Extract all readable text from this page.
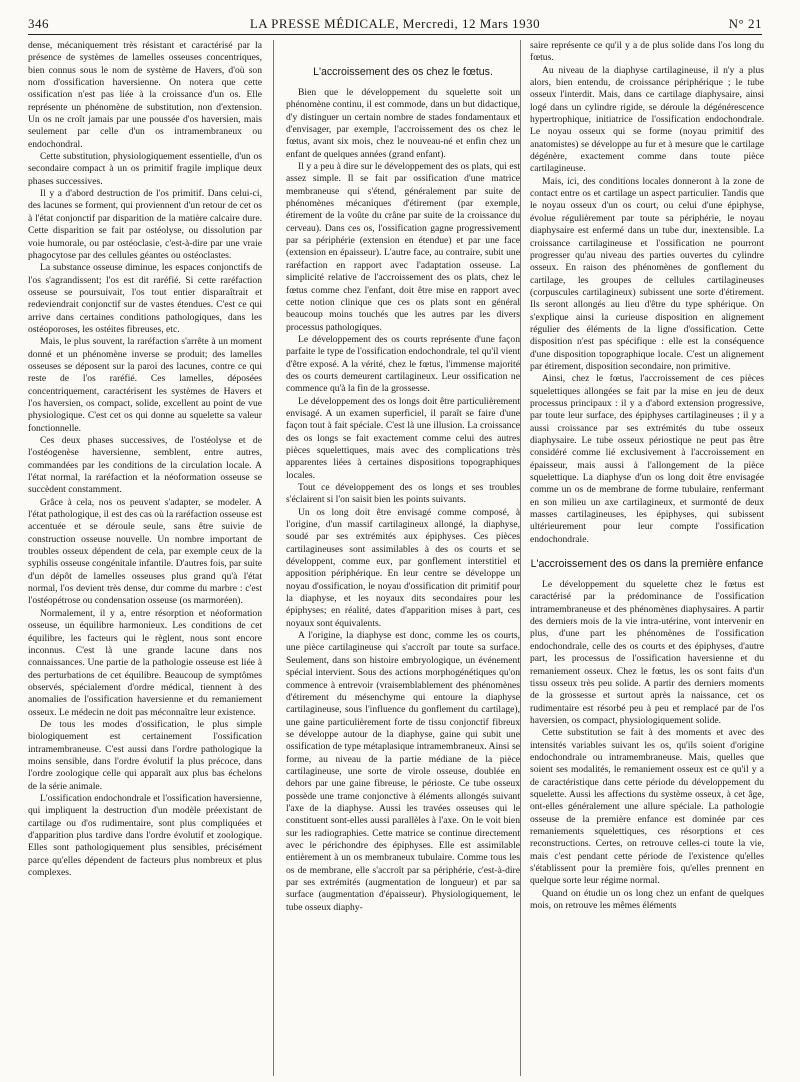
346	LA PRESSE MÉDICALE, Mercredi, 12 Mars 1930	N° 21

dense, mécaniquement très résistant et caractérisé par la présence de systèmes de lamelles osseuses concentriques, bien connus sous le nom de système de Havers, d'où son nom d'ossification haversienne. On notera que cette ossification n'est pas liée à la croissance d'un os. Elle représente un phénomène de substitution, non d'extension. Un os ne croît jamais par une poussée d'os haversien, mais seulement par celle d'un os intramembraneux ou endochondral.

Cette substitution, physiologiquement essentielle, d'un os secondaire compact à un os primitif fragile implique deux phases successives.

Il y a d'abord destruction de l'os primitif. Dans celui-ci, des lacunes se forment, qui proviennent d'un retour de cet os à l'état conjonctif par disparition de la matière calcaire dure. Cette disparition se fait par ostéolyse, ou dissolution par voie humorale, ou par ostéoclasie, c'est-à-dire par une vraie phagocytose par des cellules géantes ou ostéoclastes.

La substance osseuse diminue, les espaces conjonctifs de l'os s'agrandissent; l'os est dit raréfié. Si cette raréfaction osseuse se poursuivait, l'os tout entier disparaîtrait et redeviendrait conjonctif sur de vastes étendues. C'est ce qui arrive dans certaines conditions pathologiques, dans les ostéoporoses, les ostéites fibreuses, etc.

Mais, le plus souvent, la raréfaction s'arrête à un moment donné et un phénomène inverse se produit; des lamelles osseuses se déposent sur la paroi des lacunes, contre ce qui reste de l'os raréfié. Ces lamelles, déposées concentriquement, caractérisent les systèmes de Havers et l'os haversien, os compact, solide, excellent au point de vue physiologique. C'est cet os qui donne au squelette sa valeur fonctionnelle.

Ces deux phases successives, de l'ostéolyse et de l'ostéogenèse haversienne, semblent, entre autres, commandées par les conditions de la circulation locale. A l'état normal, la raréfaction et la néoformation osseuse se succèdent constamment.

Grâce à cela, nos os peuvent s'adapter, se modeler. A l'état pathologique, il est des cas où la raréfaction osseuse est accentuée et se déroule seule, sans être suivie de construction osseuse nouvelle. Un nombre important de troubles osseux dépendent de cela, par exemple ceux de la syphilis osseuse congénitale infantile. D'autres fois, par suite d'un dépôt de lamelles osseuses plus grand qu'à l'état normal, l'os devient très dense, dur comme du marbre : c'est l'ostéopétrose ou condensation osseuse (os marmoréen).

Normalement, il y a, entre résorption et néoformation osseuse, un équilibre harmonieux. Les conditions de cet équilibre, les facteurs qui le règlent, nous sont encore inconnus. C'est là une grande lacune dans nos connaissances. Une partie de la pathologie osseuse est liée à des perturbations de cet équilibre. Beaucoup de symptômes observés, spécialement d'ordre médical, tiennent à des anomalies de l'ossification haversienne et du remaniement osseux. Le médecin ne doit pas méconnaître leur existence.

De tous les modes d'ossification, le plus simple biologiquement est certainement l'ossification intramembraneuse. C'est aussi dans l'ordre pathologique la moins sensible, dans l'ordre évolutif la plus précoce, dans l'ordre zoologique celle qui apparaît aux plus bas échelons de la série animale.

L'ossification endochondrale et l'ossification haversienne, qui impliquent la destruction d'un modèle préexistant de cartilage ou d'os rudimentaire, sont plus compliquées et d'apparition plus tardive dans l'ordre évolutif et zoologique. Elles sont pathologiquement plus sensibles, précisément parce qu'elles dépendent de facteurs plus nombreux et plus complexes.

L'accroissement des os chez le fœtus.

Bien que le développement du squelette soit un phénomène continu, il est commode, dans un but didactique, d'y distinguer un certain nombre de stades fondamentaux et d'envisager, par exemple, l'accroissement des os chez le fœtus, avant six mois, chez le nouveau-né et enfin chez un enfant de quelques années (grand enfant).

Il y a peu à dire sur le développement des os plats, qui est assez simple. Il se fait par ossification d'une matrice membraneuse qui s'étend, généralement par suite de phénomènes mécaniques d'étirement (par exemple, étirement de la voûte du crâne par suite de la croissance du cerveau). Dans ces os, l'ossification gagne progressivement par sa périphérie (extension en étendue) et par une face (extension en épaisseur). L'autre face, au contraire, subit une raréfaction en rapport avec l'adaptation osseuse. La simplicité relative de l'accroissement des os plats, chez le fœtus comme chez l'enfant, doit être mise en rapport avec cette notion clinique que ces os plats sont en général beaucoup moins touchés que les autres par les divers processus pathologiques.

Le développement des os courts représente d'une façon parfaite le type de l'ossification endochondrale, tel qu'il vient d'être exposé. A la vérité, chez le fœtus, l'immense majorité des os courts demeurent cartilagineux. Leur ossification ne commence qu'à la fin de la grossesse.

Le développement des os longs doit être particulièrement envisagé. A un examen superficiel, il paraît se faire d'une façon tout à fait spéciale. C'est là une illusion. La croissance des os longs se fait exactement comme celui des autres pièces squelettiques, mais avec des complications très apparentes liées à certaines dispositions topographiques locales.

Tout ce développement des os longs et ses troubles s'éclairent si l'on saisit bien les points suivants.

Un os long doit être envisagé comme composé, à l'origine, d'un massif cartilagineux allongé, la diaphyse, soudé par ses extrémités aux épiphyses. Ces pièces cartilagineuses sont assimilables à des os courts et se développent, comme eux, par gonflement interstitiel et apposition périphérique. En leur centre se développe un noyau d'ossification, le noyau d'ossification dit primitif pour la diaphyse, et les noyaux dits secondaires pour les épiphyses; en réalité, dates d'apparition mises à part, ces noyaux sont équivalents.

A l'origine, la diaphyse est donc, comme les os courts, une pièce cartilagineuse qui s'accroît par toute sa surface. Seulement, dans son histoire embryologique, un événement spécial intervient. Sous des actions morphogénétiques qu'on commence à entrevoir (vraisemblablement des phénomènes d'étirement du mésenchyme qui entoure la diaphyse cartilagineuse, sous l'influence du gonflement du cartilage), une gaine particulièrement forte de tissu conjonctif fibreux se développe autour de la diaphyse, gaine qui subit une ossification de type métaplasique intramembraneux. Ainsi se forme, au niveau de la partie médiane de la pièce cartilagineuse, une sorte de virole osseuse, doublée en dehors par une gaine fibreuse, le périoste. Ce tube osseux possède une trame conjonctive à éléments allongés suivant l'axe de la diaphyse. Aussi les travées osseuses qui le constituent sont-elles aussi parallèles à l'axe. On le voit bien sur les radiographies. Cette matrice se continue directement avec le périchondre des épiphyses. Elle est assimilable entièrement à un os membraneux tubulaire. Comme tous les os de membrane, elle s'accroît par sa périphérie, c'est-à-dire par ses extrémités (augmentation de longueur) et par sa surface (augmentation d'épaisseur). Physiologiquement, le tube osseux diaphy-

saire représente ce qu'il y a de plus solide dans l'os long du fœtus.

Au niveau de la diaphyse cartilagineuse, il n'y a plus alors, bien entendu, de croissance périphérique ; le tube osseux l'interdit. Mais, dans ce cartilage diaphysaire, ainsi logé dans un cylindre rigide, se déroule la dégénérescence hypertrophique, initiatrice de l'ossification endochondrale. Le noyau osseux qui se forme (noyau primitif des anatomistes) se développe au fur et à mesure que le cartilage dégénère, exactement comme dans toute pièce cartilagineuse.

Mais, ici, des conditions locales donneront à la zone de contact entre os et cartilage un aspect particulier. Tandis que le noyau osseux d'un os court, ou celui d'une épiphyse, évolue régulièrement par toute sa périphérie, le noyau diaphysaire est enfermé dans un tube dur, inextensible. La croissance cartilagineuse et l'ossification ne pourront progresser qu'au niveau des parties ouvertes du cylindre osseux. En raison des phénomènes de gonflement du cartilage, les groupes de cellules cartilagineuses (corpuscules cartilagineux) subissent une sorte d'étirement. Ils seront allongés au lieu d'être du type sphérique. On s'explique ainsi la curieuse disposition en alignement régulier des éléments de la ligne d'ossification. Cette disposition n'est pas spécifique : elle est la conséquence d'une disposition topographique locale. C'est un alignement par étirement, disposition secondaire, non primitive.

Ainsi, chez le fœtus, l'accroissement de ces pièces squelettiques allongées se fait par la mise en jeu de deux processus principaux : il y a d'abord extension progressive, par toute leur surface, des épiphyses cartilagineuses ; il y a aussi croissance par ses extrémités du tube osseux diaphysaire. Le tube osseux périostique ne peut pas être considéré comme lié exclusivement à l'accroissement en épaisseur, mais aussi à l'allongement de la pièce squelettique. La diaphyse d'un os long doit être envisagée comme un os de membrane de forme tubulaire, renfermant en son milieu un axe cartilagineux, et surmonté de deux masses cartilagineuses, les épiphyses, qui subissent ultérieurement pour leur compte l'ossification endochondrale.

L'accroissement des os dans la première enfance

Le développement du squelette chez le fœtus est caractérisé par la prédominance de l'ossification intramembraneuse et des phénomènes diaphysaires. A partir des derniers mois de la vie intra-utérine, vont intervenir en plus, d'une part les phénomènes de l'ossification endochondrale, celle des os courts et des épiphyses, d'autre part, les processus de l'ossification haversienne et du remaniement osseux. Chez le fœtus, les os sont faits d'un tissu osseux très peu solide. A partir des derniers moments de la grossesse et surtout après la naissance, cet os rudimentaire est résorbé peu à peu et remplacé par de l'os haversien, os compact, physiologiquement solide.

Cette substitution se fait à des moments et avec des intensités variables suivant les os, qu'ils soient d'origine endochondrale ou intramembraneuse. Mais, quelles que soient ses modalités, le remaniement osseux est ce qu'il y a de caractéristique dans cette période du développement du squelette. Aussi les affections du système osseux, à cet âge, ont-elles généralement une allure spéciale. La pathologie osseuse de la première enfance est dominée par ces remaniements squelettiques, ces résorptions et ces reconstructions. Certes, on retrouve celles-ci toute la vie, mais c'est pendant cette période de l'existence qu'elles s'établissent pour la première fois, qu'elles prennent en quelque sorte leur régime normal.

Quand on étudie un os long chez un enfant de quelques mois, on retrouve les mêmes éléments
